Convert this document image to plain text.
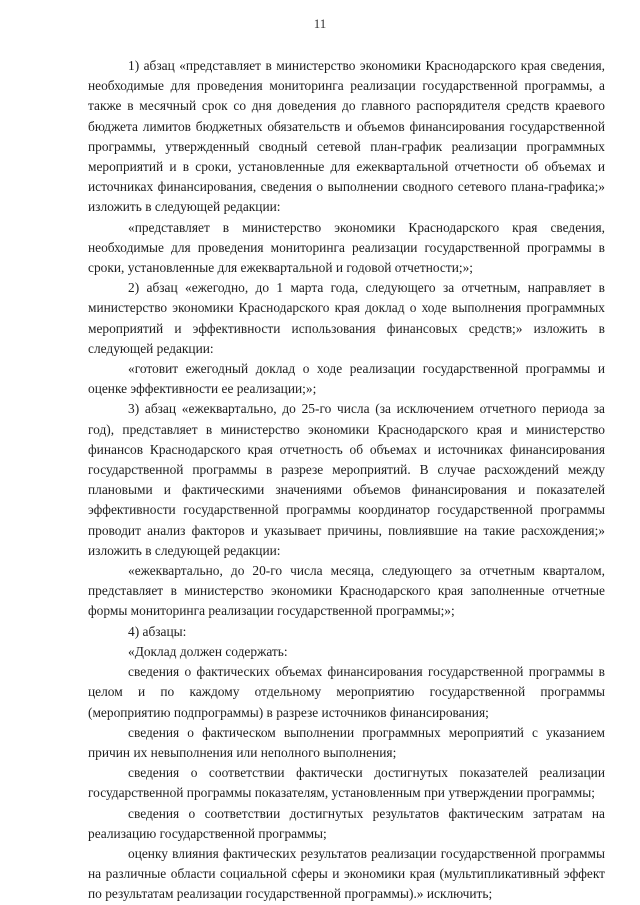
11

1) абзац «представляет в министерство экономики Краснодарского края сведения, необходимые для проведения мониторинга реализации государственной программы, а также в месячный срок со дня доведения до главного распорядителя средств краевого бюджета лимитов бюджетных обязательств и объемов финансирования государственной программы, утвержденный сводный сетевой план-график реализации программных мероприятий и в сроки, установленные для ежеквартальной отчетности об объемах и источниках финансирования, сведения о выполнении сводного сетевого плана-графика;» изложить в следующей редакции:

«представляет в министерство экономики Краснодарского края сведения, необходимые для проведения мониторинга реализации государственной программы в сроки, установленные для ежеквартальной и годовой отчетности;»;

2) абзац «ежегодно, до 1 марта года, следующего за отчетным, направляет в министерство экономики Краснодарского края доклад о ходе выполнения программных мероприятий и эффективности использования финансовых средств;» изложить в следующей редакции:

«готовит ежегодный доклад о ходе реализации государственной программы и оценке эффективности ее реализации;»;

3) абзац «ежеквартально, до 25-го числа (за исключением отчетного периода за год), представляет в министерство экономики Краснодарского края и министерство финансов Краснодарского края отчетность об объемах и источниках финансирования государственной программы в разрезе мероприятий. В случае расхождений между плановыми и фактическими значениями объемов финансирования и показателей эффективности государственной программы координатор государственной программы проводит анализ факторов и указывает причины, повлиявшие на такие расхождения;» изложить в следующей редакции:

«ежеквартально, до 20-го числа месяца, следующего за отчетным кварталом, представляет в министерство экономики Краснодарского края заполненные отчетные формы мониторинга реализации государственной программы;»;

4) абзацы:

«Доклад должен содержать:

сведения о фактических объемах финансирования государственной программы в целом и по каждому отдельному мероприятию государственной программы (мероприятию подпрограммы) в разрезе источников финансирования;

сведения о фактическом выполнении программных мероприятий с указанием причин их невыполнения или неполного выполнения;

сведения о соответствии фактически достигнутых показателей реализации государственной программы показателям, установленным при утверждении программы;

сведения о соответствии достигнутых результатов фактическим затратам на реализацию государственной программы;

оценку влияния фактических результатов реализации государственной программы на различные области социальной сферы и экономики края (мультипликативный эффект по результатам реализации государственной программы).» исключить;
